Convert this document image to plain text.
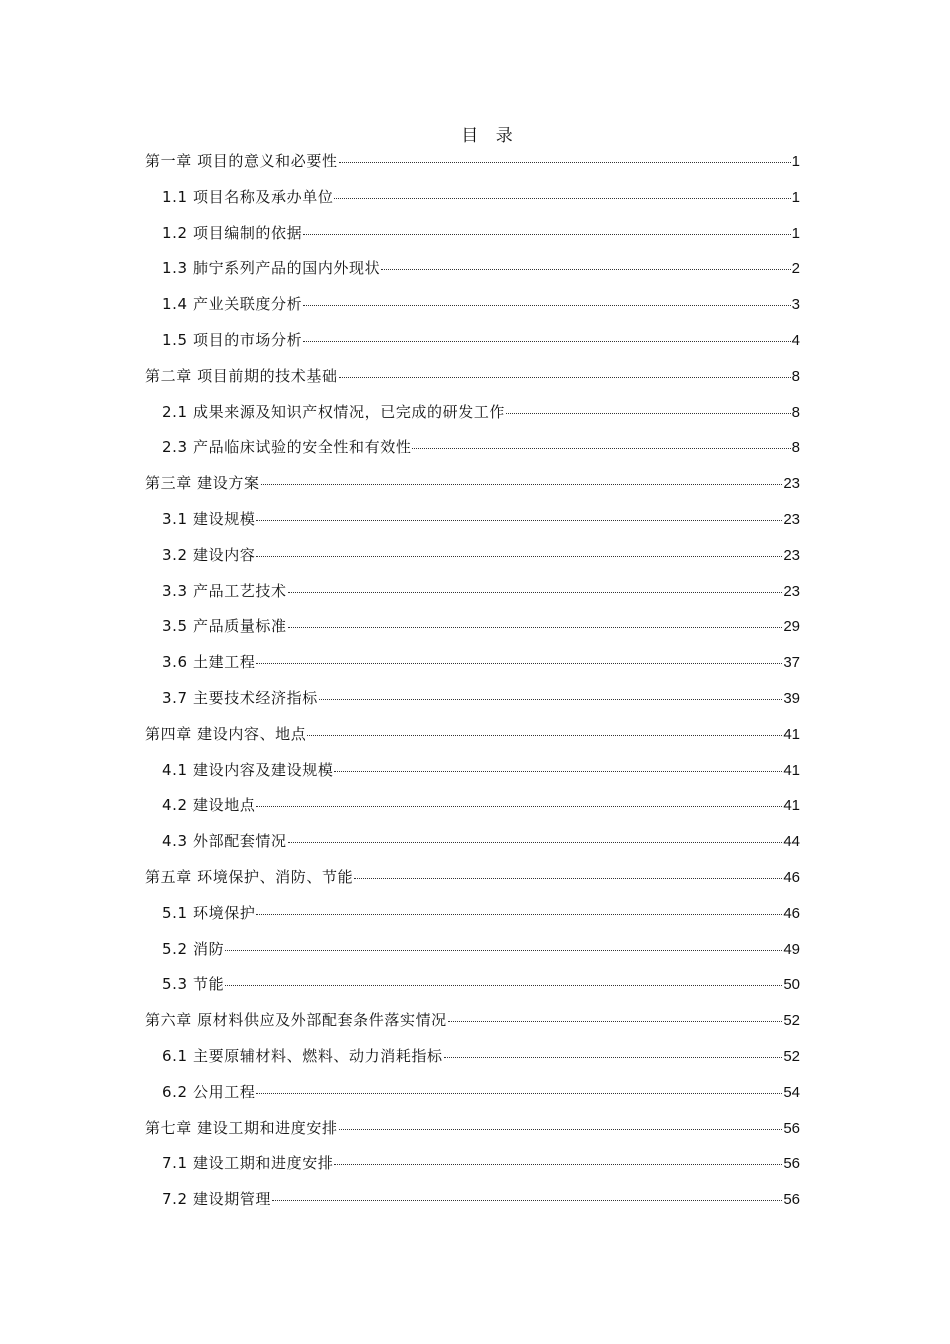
目 录
第一章 项目的意义和必要性	1
1.1 项目名称及承办单位	1
1.2 项目编制的依据	1
1.3 肺宁系列产品的国内外现状	2
1.4 产业关联度分析	3
1.5 项目的市场分析	4
第二章 项目前期的技术基础	8
2.1 成果来源及知识产权情况，已完成的研发工作	8
2.3 产品临床试验的安全性和有效性	8
第三章 建设方案	23
3.1 建设规模	23
3.2 建设内容	23
3.3 产品工艺技术	23
3.5 产品质量标准	29
3.6 土建工程	37
3.7 主要技术经济指标	39
第四章 建设内容、地点	41
4.1 建设内容及建设规模	41
4.2 建设地点	41
4.3 外部配套情况	44
第五章 环境保护、消防、节能	46
5.1 环境保护	46
5.2 消防	49
5.3 节能	50
第六章 原材料供应及外部配套条件落实情况	52
6.1 主要原辅材料、燃料、动力消耗指标	52
6.2 公用工程	54
第七章 建设工期和进度安排	56
7.1 建设工期和进度安排	56
7.2 建设期管理	56
